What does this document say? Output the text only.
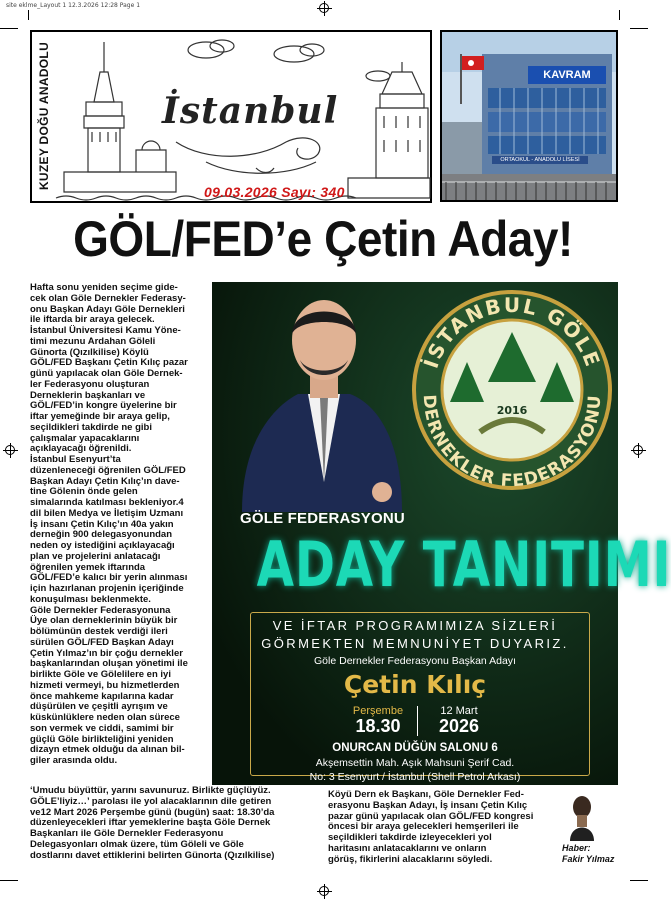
site eklme_Layout 1 12.3.2026 12:28 Page 1
KUZEY DOĞU ANADOLU	İstanbul
09.03.2026 Sayı: 340
KAVRAM
ORTAOKUL - ANADOLU LİSESİ
GÖL/FED’e Çetin Aday!

Hafta sonu yeniden seçime gide-
cek olan Göle Dernekler Federasy-
onu Başkan Adayı Göle Dernekleri
ile iftarda bir araya gelecek.

İstanbul Üniversitesi Kamu Yöne-
timi mezunu Ardahan Göleli
Günorta (Qızılkilise) Köylü
GÖL/FED Başkanı Çetin Kılıç pazar
günü yapılacak olan Göle Dernek-
ler Federasyonu oluşturan
Derneklerin başkanları ve
GÖL/FED’in kongre üyelerine bir
iftar yemeğinde bir araya gelip,
seçildikleri takdirde ne gibi
çalışmalar yapacaklarını
açıklayacağı öğrenildi.

İstanbul Esenyurt’ta
düzenleneceği öğrenilen GÖL/FED
Başkan Adayı Çetin Kılıç’ın dave-
tine Gölenin önde gelen
simalarında katılması bekleniyor.4
dil bilen Medya ve İletişim Uzmanı
İş insanı Çetin Kılıç’ın 40a yakın
derneğin 900 delegasyonundan
neden oy istediğini açıklayacağı
plan ve projelerini anlatacağı
öğrenilen yemek iftarında
GÖL/FED’e kalıcı bir yerin alınması
için hazırlanan projenin içeriğinde
konuşulması beklenmekte.

Göle Dernekler Federasyonuna
Üye olan derneklerinin büyük bir
bölümünün destek verdiği ileri
sürülen GÖL/FED Başkan Adayı
Çetin Yılmaz’ın bir çoğu dernekler
başkanlarından oluşan yönetimi ile
birlikte Göle ve Gölelilere en iyi
hizmeti vermeyi, bu hizmetlerden
önce mahkeme kapılarına kadar
düşürülen ve çeşitli ayrışım ve
küskünlüklere neden olan sürece
son vermek ve ciddi, samimi bir
güçlü Göle birlikteliğini yeniden
dizayn etmek olduğu da alınan bil-
giler arasında oldu.

İSTANBUL GÖLE
DERNEKLER FEDERASYONU
2016
GÖLE FEDERASYONU
ADAY TANITIMI
VE İFTAR PROGRAMIMIZA SİZLERİ
GÖRMEKTEN MEMNUNİYET DUYARIZ.
Göle Dernekler Federasyonu Başkan Adayı
Çetin Kılıç
Perşembe
18.30
12 Mart
2026
ONURCAN DÜĞÜN SALONU 6
Akşemsettin Mah. Aşık Mahsuni Şerif Cad.
No: 3 Esenyurt / İstanbul (Shell Petrol Arkası)
‘Umudu büyüttür, yarını savunuruz. Birlikte güçlüyüz.
GÖLE’liyiz…’ parolası ile yol alacaklarının dile getiren
ve12 Mart 2026 Perşembe günü (bugün) saat: 18.30’da
düzenleyecekleri iftar yemeklerine başta Göle Dernek
Başkanları ile Göle Dernekler Federasyonu
Delegasyonları olmak üzere, tüm Göleli ve Göle
dostlarını davet ettiklerini belirten Günorta (Qızılkilise)
Köyü Dern ek Başkanı, Göle Dernekler Fed-
erasyonu Başkan Adayı, İş insanı Çetin Kılıç
pazar günü yapılacak olan GÖL/FED kongresi
öncesi bir araya gelecekleri hemşerileri ile
seçildikleri takdirde izleyecekleri yol
haritasını anlatacaklarını ve onların
görüş, fikirlerini alacaklarını söyledi.
Haber:
Fakir Yılmaz
